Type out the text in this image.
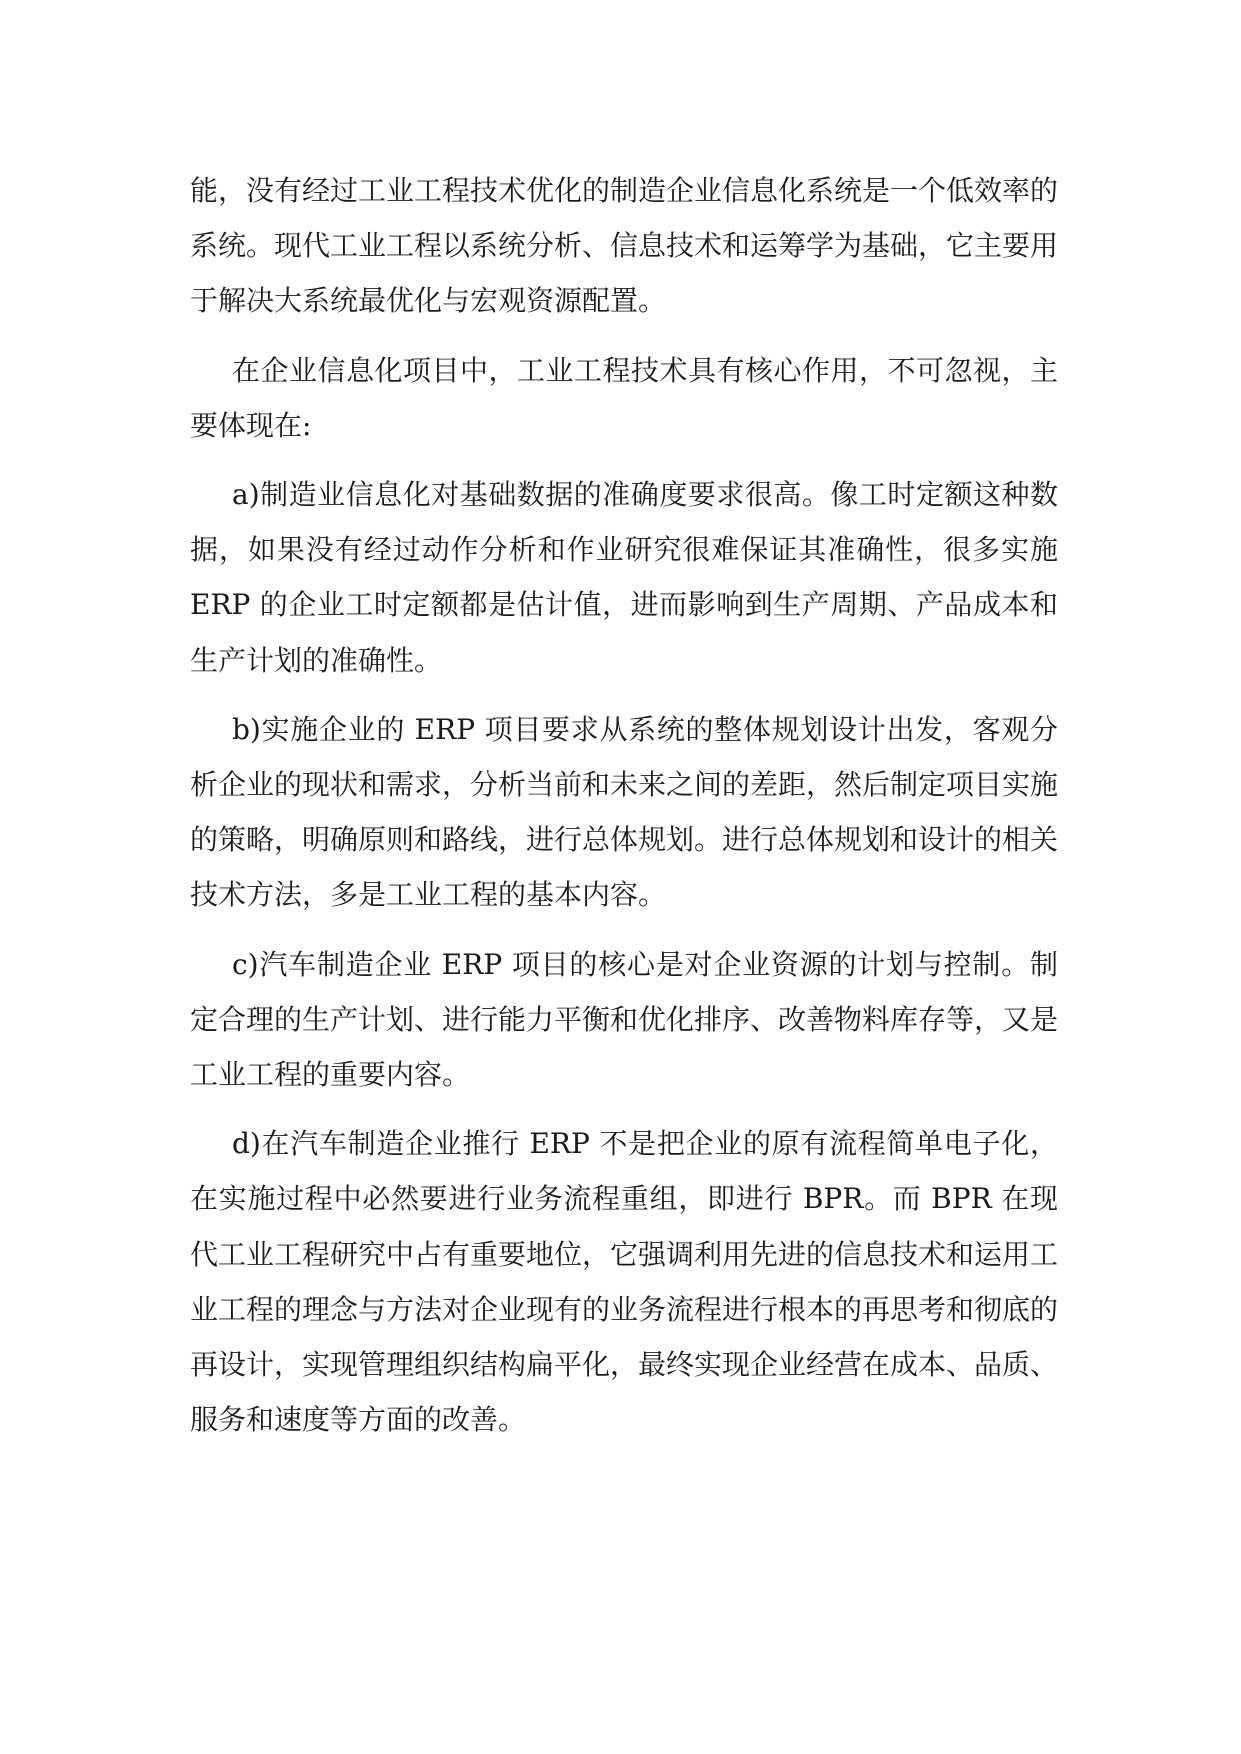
能，没有经过工业工程技术优化的制造企业信息化系统是一个低效率的系统。现代工业工程以系统分析、信息技术和运筹学为基础，它主要用于解决大系统最优化与宏观资源配置。

在企业信息化项目中，工业工程技术具有核心作用，不可忽视，主要体现在:

a)制造业信息化对基础数据的准确度要求很高。像工时定额这种数据，如果没有经过动作分析和作业研究很难保证其准确性，很多实施 ERP 的企业工时定额都是估计值，进而影响到生产周期、产品成本和生产计划的准确性。

b)实施企业的 ERP 项目要求从系统的整体规划设计出发，客观分析企业的现状和需求，分析当前和未来之间的差距，然后制定项目实施的策略，明确原则和路线，进行总体规划。进行总体规划和设计的相关技术方法，多是工业工程的基本内容。

c)汽车制造企业 ERP 项目的核心是对企业资源的计划与控制。制定合理的生产计划、进行能力平衡和优化排序、改善物料库存等，又是工业工程的重要内容。

d)在汽车制造企业推行 ERP 不是把企业的原有流程简单电子化，在实施过程中必然要进行业务流程重组，即进行 BPR。而 BPR 在现代工业工程研究中占有重要地位，它强调利用先进的信息技术和运用工业工程的理念与方法对企业现有的业务流程进行根本的再思考和彻底的再设计，实现管理组织结构扁平化，最终实现企业经营在成本、品质、服务和速度等方面的改善。
